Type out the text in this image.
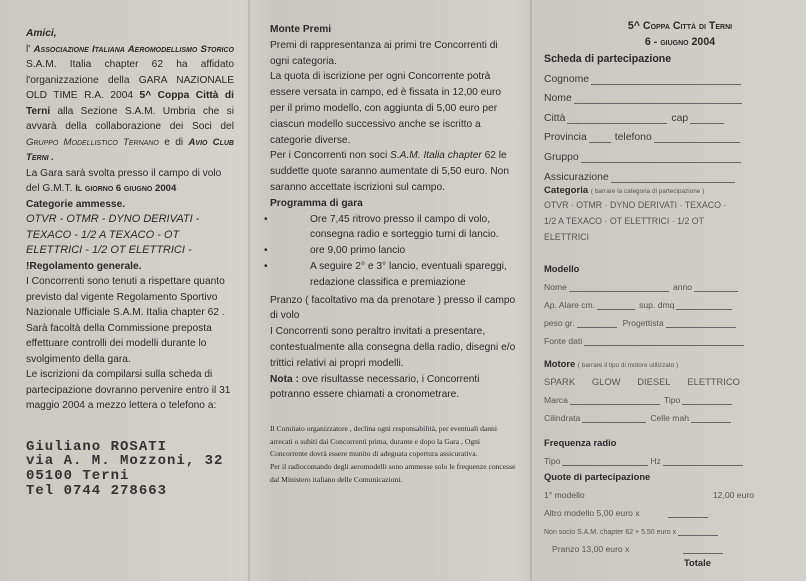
Amici,

l' Associazione Italiana Aeromodellismo Storico S.A.M. Italia chapter 62 ha affidato l'organizzazione della GARA NAZIONALE OLD TIME R.A. 2004 5^ Coppa Città di Terni alla Sezione S.A.M. Umbria che si avvarà della collaborazione dei Soci del Gruppo Modellistico Ternano e di Avio Club Terni .

La Gara sarà svolta presso il campo di volo del G.M.T. Il giorno 6 giugno 2004

Categorie ammesse.

OTVR - OTMR - DYNO DERIVATI - TEXACO - 1/2 A TEXACO - OT ELETTRICI - 1/2 OT ELETTRICI -

!Regolamento generale.

I Concorrenti sono tenuti a rispettare quanto previsto dal vigente Regolamento Sportivo Nazionale Ufficiale S.A.M. Italia chapter 62 . Sarà facoltà della Commissione preposta effettuare controlli dei modelli durante lo svolgimento della gara.

Le iscrizioni da compilarsi sulla scheda di partecipazione dovranno pervenire entro il 31 maggio 2004 a mezzo lettera o telefono a:

Giuliano ROSATI
via A. M. Mozzoni, 32
05100 Terni
Tel 0744 278663

Monte Premi

Premi di rappresentanza ai primi tre Concorrenti di ogni categoria.

La quota di iscrizione per ogni Concorrente potrà essere versata in campo, ed è fissata in 12,00 euro per il primo modello, con aggiunta di 5,00 euro per ciascun modello successivo anche se iscritto a categorie diverse.

Per i Concorrenti non soci S.A.M. Italia chapter 62 le suddette quote saranno aumentate di 5,50 euro. Non saranno accettate iscrizioni sul campo.

Programma di gara

• Ore 7,45 ritrovo presso il campo di volo, consegna radio e sorteggio turni di lancio.
• ore 9,00 primo lancio
• A seguire 2° e 3° lancio, eventuali spareggi, redazione classifica e premiazione

Pranzo ( facoltativo ma da prenotare ) presso il campo di volo

I Concorrenti sono peraltro invitati a presentare, contestualmente alla consegna della radio, disegni e/o trittici relativi ai propri modelli.

Nota : ove risultasse necessario, i Concorrenti potranno essere chiamati a cronometrare.

Il Comitato organizzatore , declina ogni responsabilità, per eventuali danni arrecati o subiti dai Concorrenti prima, durante e dopo la Gara , Ogni Concorrente dovrà essere munito di adeguata copertura assicurativa.

Per il radiocomando degli aeromodelli sono ammesse solo le frequenze concesse dal Ministero italiano delle Comunicazioni.

5^ Coppa Città di Terni
6 - giugno 2004
Scheda di partecipazione
Cognome
Nome
Città	cap
Provincia	telefono
Gruppo
Assicurazione
Categoria ( barrare la categoria di partecipazione )
OTVR · OTMR · DYNO DERIVATI · TEXACO · 1/2 A TEXACO · OT ELETTRICI · 1/2 OT ELETTRICI
Modello
Nome	anno
Ap. Alare cm.	sup. dmq
peso gr.	Progettista
Fonte dati
Motore ( barrare il tipo di motore utilizzato )
SPARK GLOW DIESEL ELETTRICO
Marca	Tipo
Cilindrata	Celle mah
Frequenza radio
Tipo	Hz
Quote di partecipazione
1° modello	12,00 euro
Altro modello 5,00 euro x
Non socio S.A.M. chapter 62 + 5.50 euro x
Pranzo 13,00 euro x
Totale
